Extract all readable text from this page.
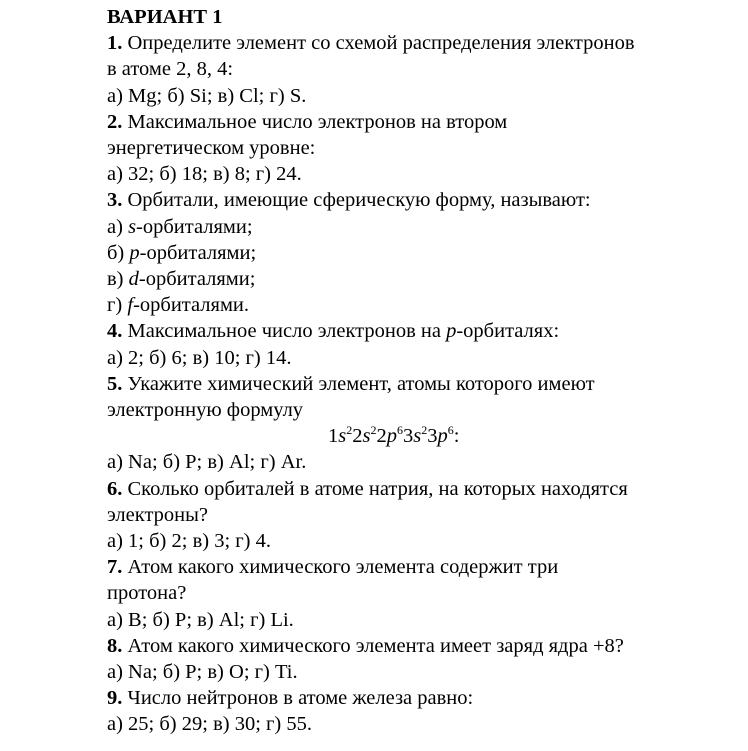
ВАРИАНТ 1
1. Определите элемент со схемой распределения электронов
в атоме 2, 8, 4:
а) Mg; б) Si; в) Cl; г) S.
2. Максимальное число электронов на втором
энергетическом уровне:
а) 32; б) 18; в) 8; г) 24.
3. Орбитали, имеющие сферическую форму, называют:
а) s-орбиталями;
б) p-орбиталями;
в) d-орбиталями;
г) f-орбиталями.
4. Максимальное число электронов на p-орбиталях:
а) 2; б) 6; в) 10; г) 14.
5. Укажите химический элемент, атомы которого имеют
электронную формулу
$1s^22s^22p^63s^23p^6$:
а) Na; б) P; в) Al; г) Ar.
6. Сколько орбиталей в атоме натрия, на которых находятся
электроны?
а) 1; б) 2; в) 3; г) 4.
7. Атом какого химического элемента содержит три
протона?
а) B; б) P; в) Al; г) Li.
8. Атом какого химического элемента имеет заряд ядра +8?
а) Na; б) P; в) O; г) Ti.
9. Число нейтронов в атоме железа равно:
а) 25; б) 29; в) 30; г) 55.
